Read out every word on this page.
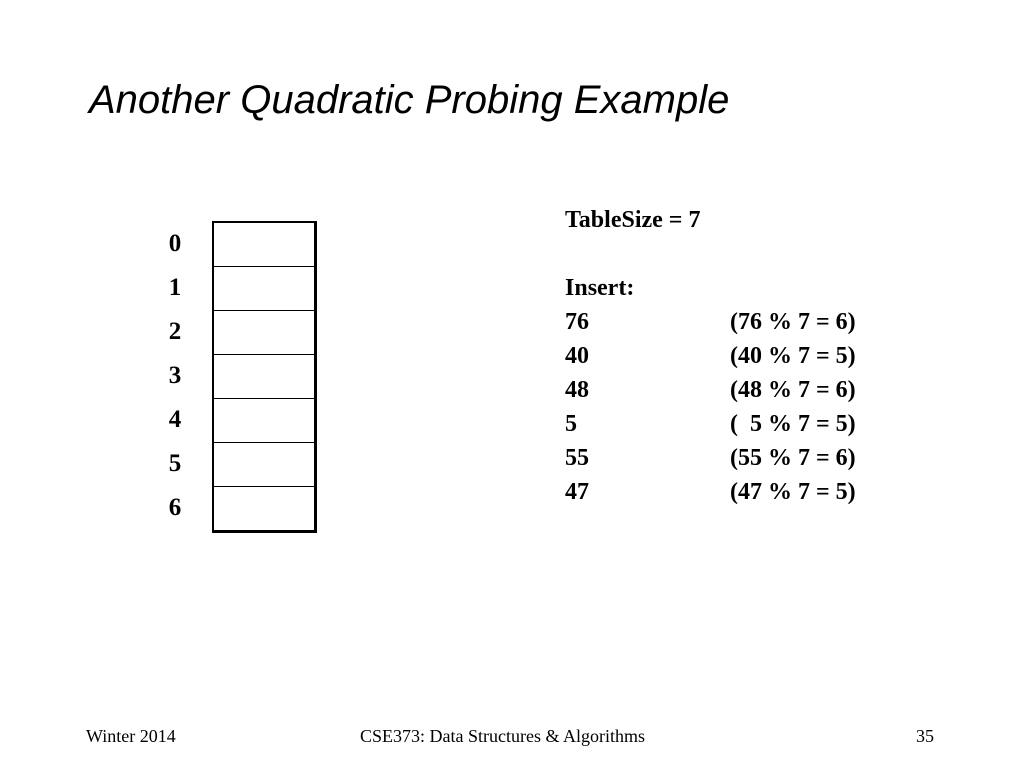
Another Quadratic Probing Example
0
1
2
3
4
5
6
TableSize = 7
Insert:
76	(76 % 7 = 6)
40	(40 % 7 = 5)
48	(48 % 7 = 6)
5	(  5 % 7 = 5)
55	(55 % 7 = 6)
47	(47 % 7 = 5)
Winter 2014	CSE373: Data Structures & Algorithms	35
